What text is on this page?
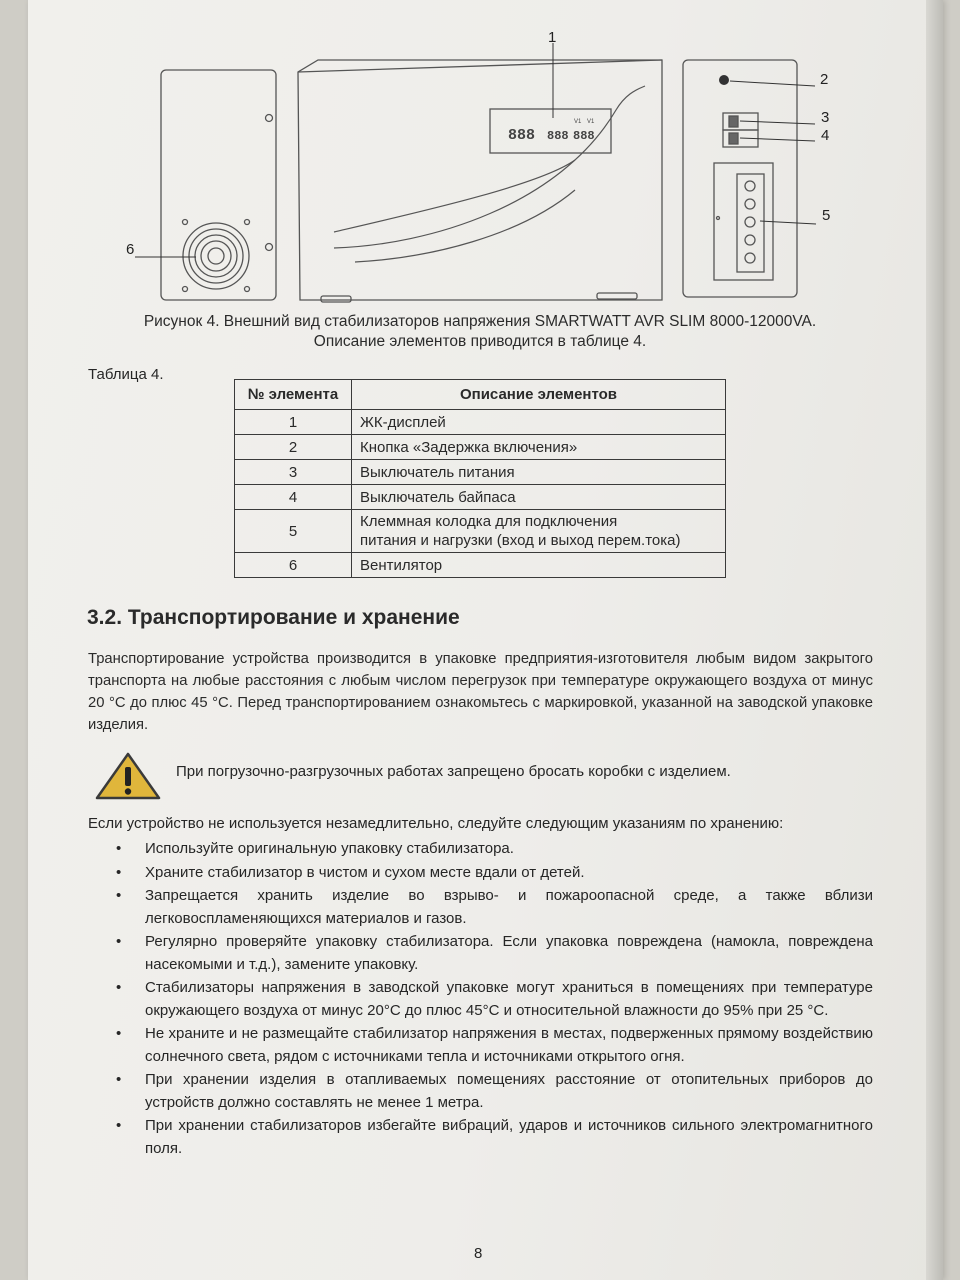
888 888 888
V1 V1
1
2
3
4
5
6
Рисунок 4. Внешний вид стабилизаторов напряжения SMARTWATT AVR SLIM 8000-12000VA.
Описание элементов приводится в таблице 4.
Таблица 4.
№ элемента	Описание элементов
1	ЖК-дисплей
2	Кнопка «Задержка включения»
3	Выключатель питания
4	Выключатель байпаса
5	Клеммная колодка для подключения
питания и нагрузки (вход и выход перем.тока)

6	Вентилятор
3.2. Транспортирование и хранение
Транспортирование устройства производится в упаковке предприятия-изготовителя любым видом закрытого транспорта на любые расстояния с любым числом перегрузок при температуре окружающего воздуха от минус 20 °С до плюс 45 °С. Перед транспортированием ознакомьтесь с маркировкой, указанной на заводской упаковке изделия.
При погрузочно-разгрузочных работах запрещено бросать коробки с изделием.
Если устройство не используется незамедлительно, следуйте следующим указаниям по хранению:
• Используйте оригинальную упаковку стабилизатора.
• Храните стабилизатор в чистом и сухом месте вдали от детей.
• Запрещается хранить изделие во взрыво- и пожароопасной среде, а также вблизи легковоспламеняющихся материалов и газов.
• Регулярно проверяйте упаковку стабилизатора. Если упаковка повреждена (намокла, повреждена насекомыми и т.д.), замените упаковку.
• Стабилизаторы напряжения в заводской упаковке могут храниться в помещениях при температуре окружающего воздуха от минус 20°С до плюс 45°С и относительной влажности до 95% при 25 °С.
• Не храните и не размещайте стабилизатор напряжения в местах, подверженных прямому воздействию солнечного света, рядом с источниками тепла и источниками открытого огня.
• При хранении изделия в отапливаемых помещениях расстояние от отопительных приборов до устройств должно составлять не менее 1 метра.
• При хранении стабилизаторов избегайте вибраций, ударов и источников сильного электромагнитного поля.
8
